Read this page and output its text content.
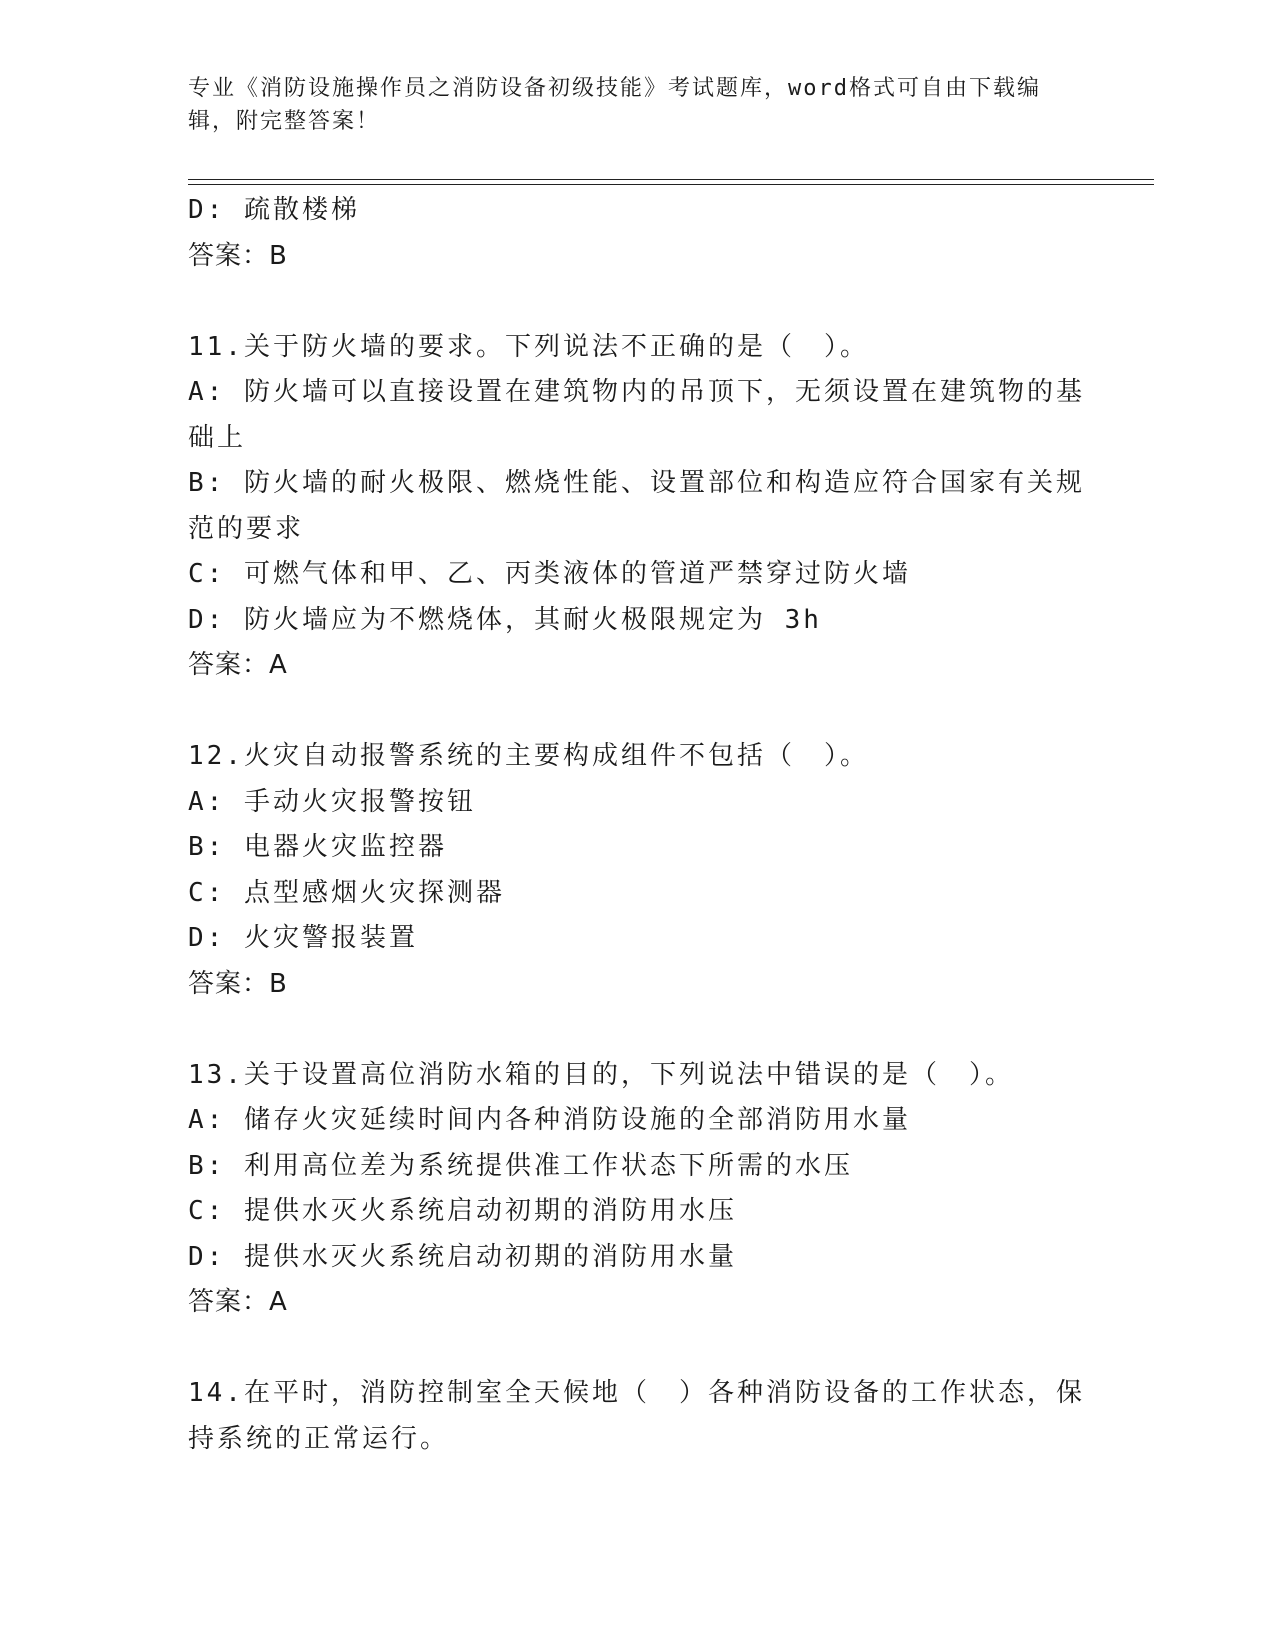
专业《消防设施操作员之消防设备初级技能》考试题库，word格式可自由下载编辑，附完整答案！
D: 疏散楼梯
答案：B
11.关于防火墙的要求。下列说法不正确的是（　）。
A: 防火墙可以直接设置在建筑物内的吊顶下，无须设置在建筑物的基
础上
B: 防火墙的耐火极限、燃烧性能、设置部位和构造应符合国家有关规
范的要求
C: 可燃气体和甲、乙、丙类液体的管道严禁穿过防火墙
D: 防火墙应为不燃烧体，其耐火极限规定为 3h
答案：A
12.火灾自动报警系统的主要构成组件不包括（　）。
A: 手动火灾报警按钮
B: 电器火灾监控器
C: 点型感烟火灾探测器
D: 火灾警报装置
答案：B
13.关于设置高位消防水箱的目的，下列说法中错误的是（　）。
A: 储存火灾延续时间内各种消防设施的全部消防用水量
B: 利用高位差为系统提供准工作状态下所需的水压
C: 提供水灭火系统启动初期的消防用水压
D: 提供水灭火系统启动初期的消防用水量
答案：A
14.在平时，消防控制室全天候地（　）各种消防设备的工作状态，保
持系统的正常运行。
